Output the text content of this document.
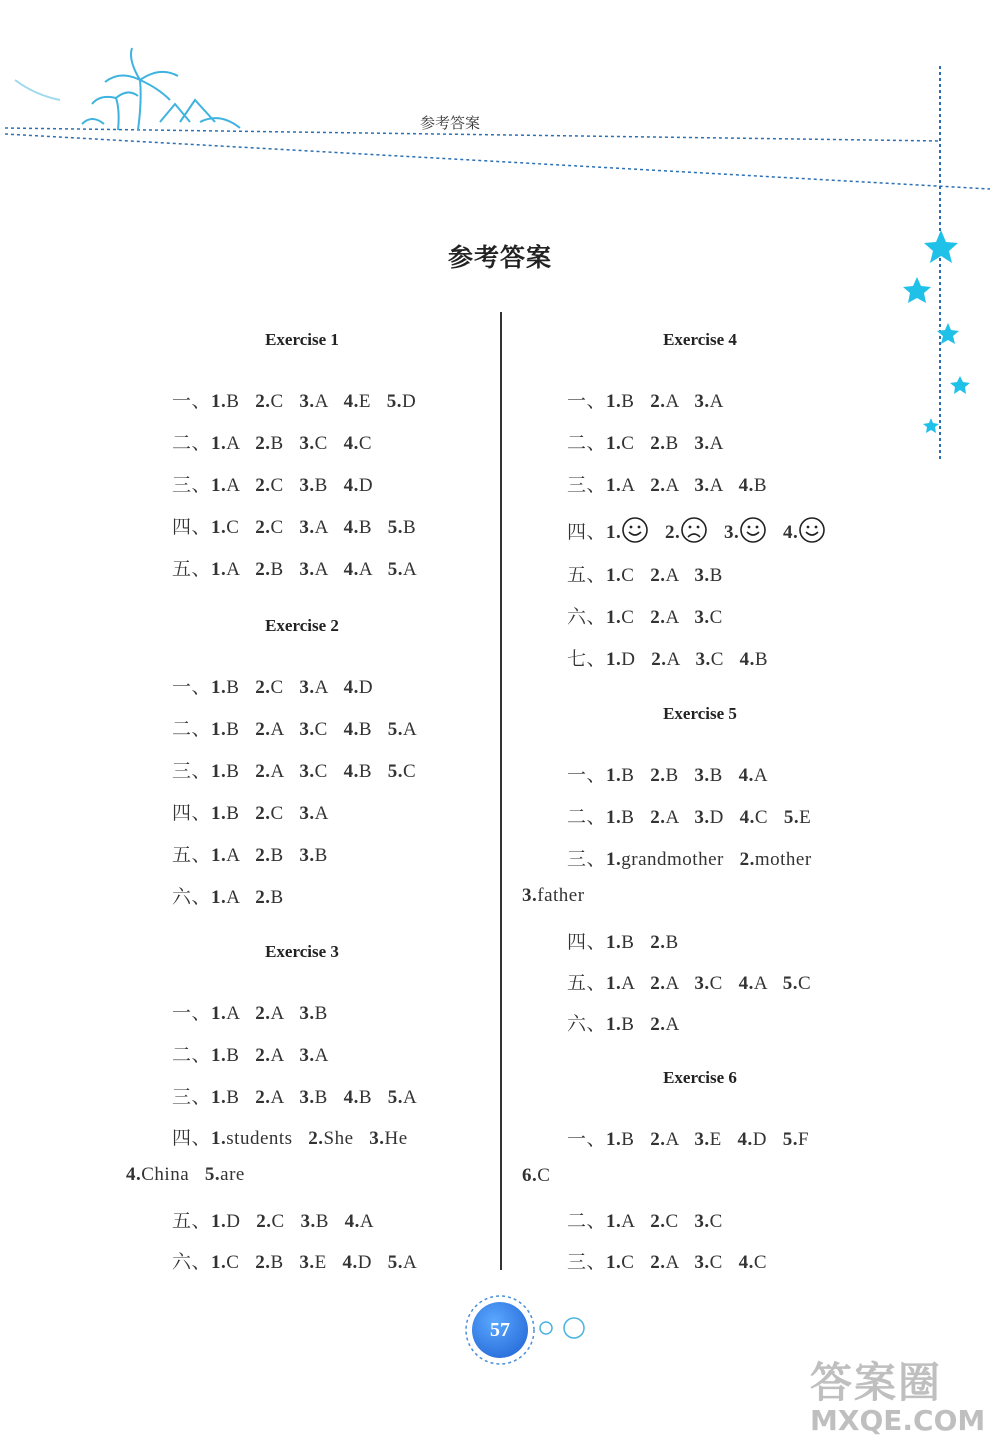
参考答案
参考答案
Exercise 1
一、1.B   2.C   3.A   4.E   5.D
二、1.A   2.B   3.C   4.C
三、1.A   2.C   3.B   4.D
四、1.C   2.C   3.A   4.B   5.B
五、1.A   2.B   3.A   4.A   5.A
Exercise 2
一、1.B   2.C   3.A   4.D
二、1.B   2.A   3.C   4.B   5.A
三、1.B   2.A   3.C   4.B   5.C
四、1.B   2.C   3.A
五、1.A   2.B   3.B
六、1.A   2.B
Exercise 3
一、1.A   2.A   3.B
二、1.B   2.A   3.A
三、1.B   2.A   3.B   4.B   5.A
四、1.students   2.She   3.He
4.China   5.are
五、1.D   2.C   3.B   4.A
六、1.C   2.B   3.E   4.D   5.A
Exercise 4
一、1.B   2.A   3.A
二、1.C   2.B   3.A
三、1.A   2.A   3.A   4.B
四、1. 2. 3. 4.
五、1.C   2.A   3.B
六、1.C   2.A   3.C
七、1.D   2.A   3.C   4.B
Exercise 5
一、1.B   2.B   3.B   4.A
二、1.B   2.A   3.D   4.C   5.E
三、1.grandmother   2.mother
3.father
四、1.B   2.B
五、1.A   2.A   3.C   4.A   5.C
六、1.B   2.A
Exercise 6
一、1.B   2.A   3.E   4.D   5.F
6.C
二、1.A   2.C   3.C
三、1.C   2.A   3.C   4.C
57
答案圈
MXQE.COM
